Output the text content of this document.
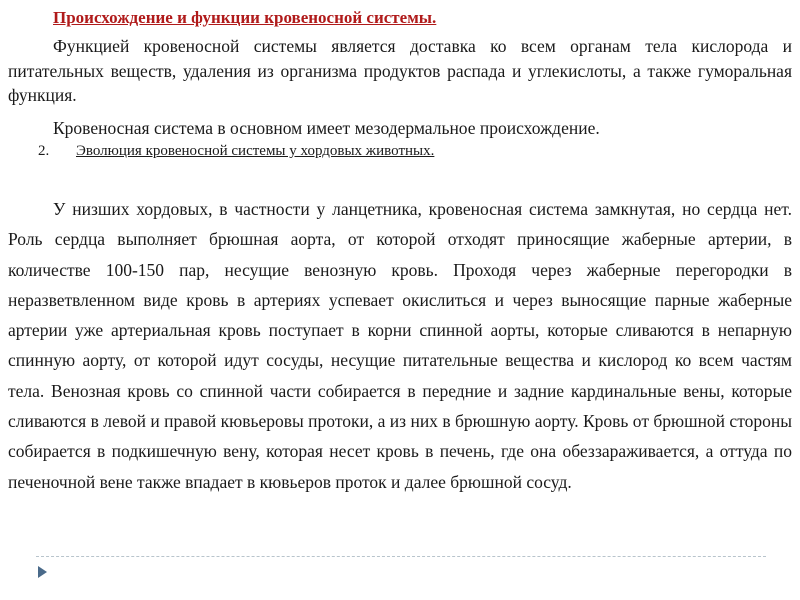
Происхождение и функции кровеносной системы.

Функцией кровеносной системы является доставка ко всем органам тела кислорода и питательных веществ, удаления из организма продуктов распада и углекислоты, а также гуморальная функция.

Кровеносная система в основном имеет мезодермальное происхождение.

2. Эволюция кровеносной системы у хордовых животных.

У низших хордовых, в частности у ланцетника, кровеносная система замкнутая, но сердца нет. Роль сердца выполняет брюшная аорта, от которой отходят приносящие жаберные артерии, в количестве 100-150 пар, несущие венозную кровь. Проходя через жаберные перегородки в неразветвленном виде кровь в артериях успевает окислиться и через выносящие парные жаберные артерии уже артериальная кровь поступает в корни спинной аорты, которые сливаются в непарную спинную аорту, от которой идут сосуды, несущие питательные вещества и кислород ко всем частям тела. Венозная кровь со спинной части собирается в передние и задние кардинальные вены, которые сливаются в левой и правой кювьеровы протоки, а из них в брюшную аорту. Кровь от брюшной стороны собирается в подкишечную вену, которая несет кровь в печень, где она обеззараживается, а оттуда по печеночной вене также впадает в кювьеров проток и далее брюшной сосуд.
